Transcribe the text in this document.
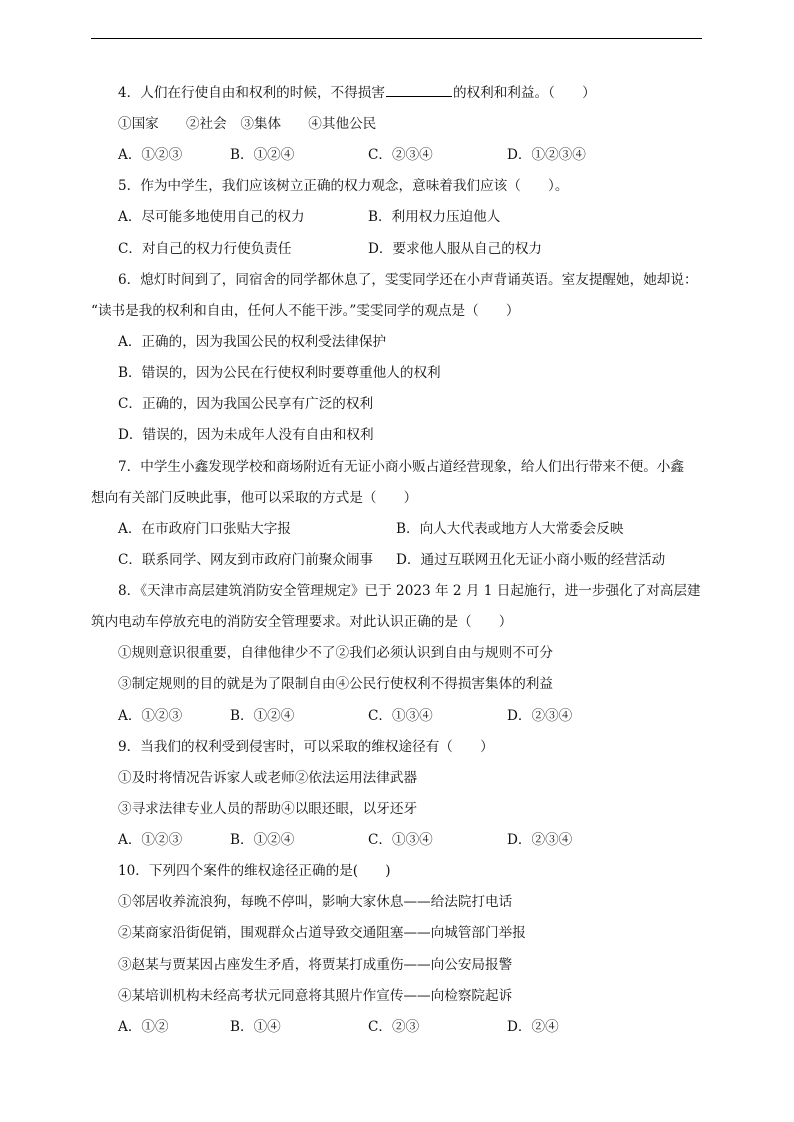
4．人们在行使自由和权利的时候，不得损害	的权利和利益。（　　）
①国家　　②社会　③集体　　④其他公民
A．①②③	B．①②④	C．②③④	D．①②③④
5．作为中学生，我们应该树立正确的权力观念，意味着我们应该（　　）。
A．尽可能多地使用自己的权力	B．利用权力压迫他人
C．对自己的权力行使负责任	D．要求他人服从自己的权力
6．熄灯时间到了，同宿舍的同学都休息了，雯雯同学还在小声背诵英语。室友提醒她，她却说：
“读书是我的权利和自由，任何人不能干涉。”雯雯同学的观点是（　　）
A．正确的，因为我国公民的权利受法律保护
B．错误的，因为公民在行使权利时要尊重他人的权利
C．正确的，因为我国公民享有广泛的权利
D．错误的，因为未成年人没有自由和权利
7．中学生小鑫发现学校和商场附近有无证小商小贩占道经营现象，给人们出行带来不便。小鑫
想向有关部门反映此事，他可以采取的方式是（　　）
A．在市政府门口张贴大字报	B．向人大代表或地方人大常委会反映
C．联系同学、网友到市政府门前聚众闹事 D．通过互联网丑化无证小商小贩的经营活动
8．《天津市高层建筑消防安全管理规定》已于 2023 年 2 月 1 日起施行，进一步强化了对高层建
筑内电动车停放充电的消防安全管理要求。对此认识正确的是（　　）
①规则意识很重要，自律他律少不了②我们必须认识到自由与规则不可分
③制定规则的目的就是为了限制自由④公民行使权利不得损害集体的利益
A．①②③	B．①②④	C．①③④	D．②③④
9．当我们的权利受到侵害时，可以采取的维权途径有（　　）
①及时将情况告诉家人或老师②依法运用法律武器
③寻求法律专业人员的帮助④以眼还眼，以牙还牙
A．①②③	B．①②④	C．①③④	D．②③④
10．下列四个案件的维权途径正确的是(　　)
①邻居收养流浪狗，每晚不停叫，影响大家休息——给法院打电话
②某商家沿街促销，围观群众占道导致交通阻塞——向城管部门举报
③赵某与贾某因占座发生矛盾，将贾某打成重伤——向公安局报警
④某培训机构未经高考状元同意将其照片作宣传——向检察院起诉
A．①②	B．①④	C．②③	D．②④
